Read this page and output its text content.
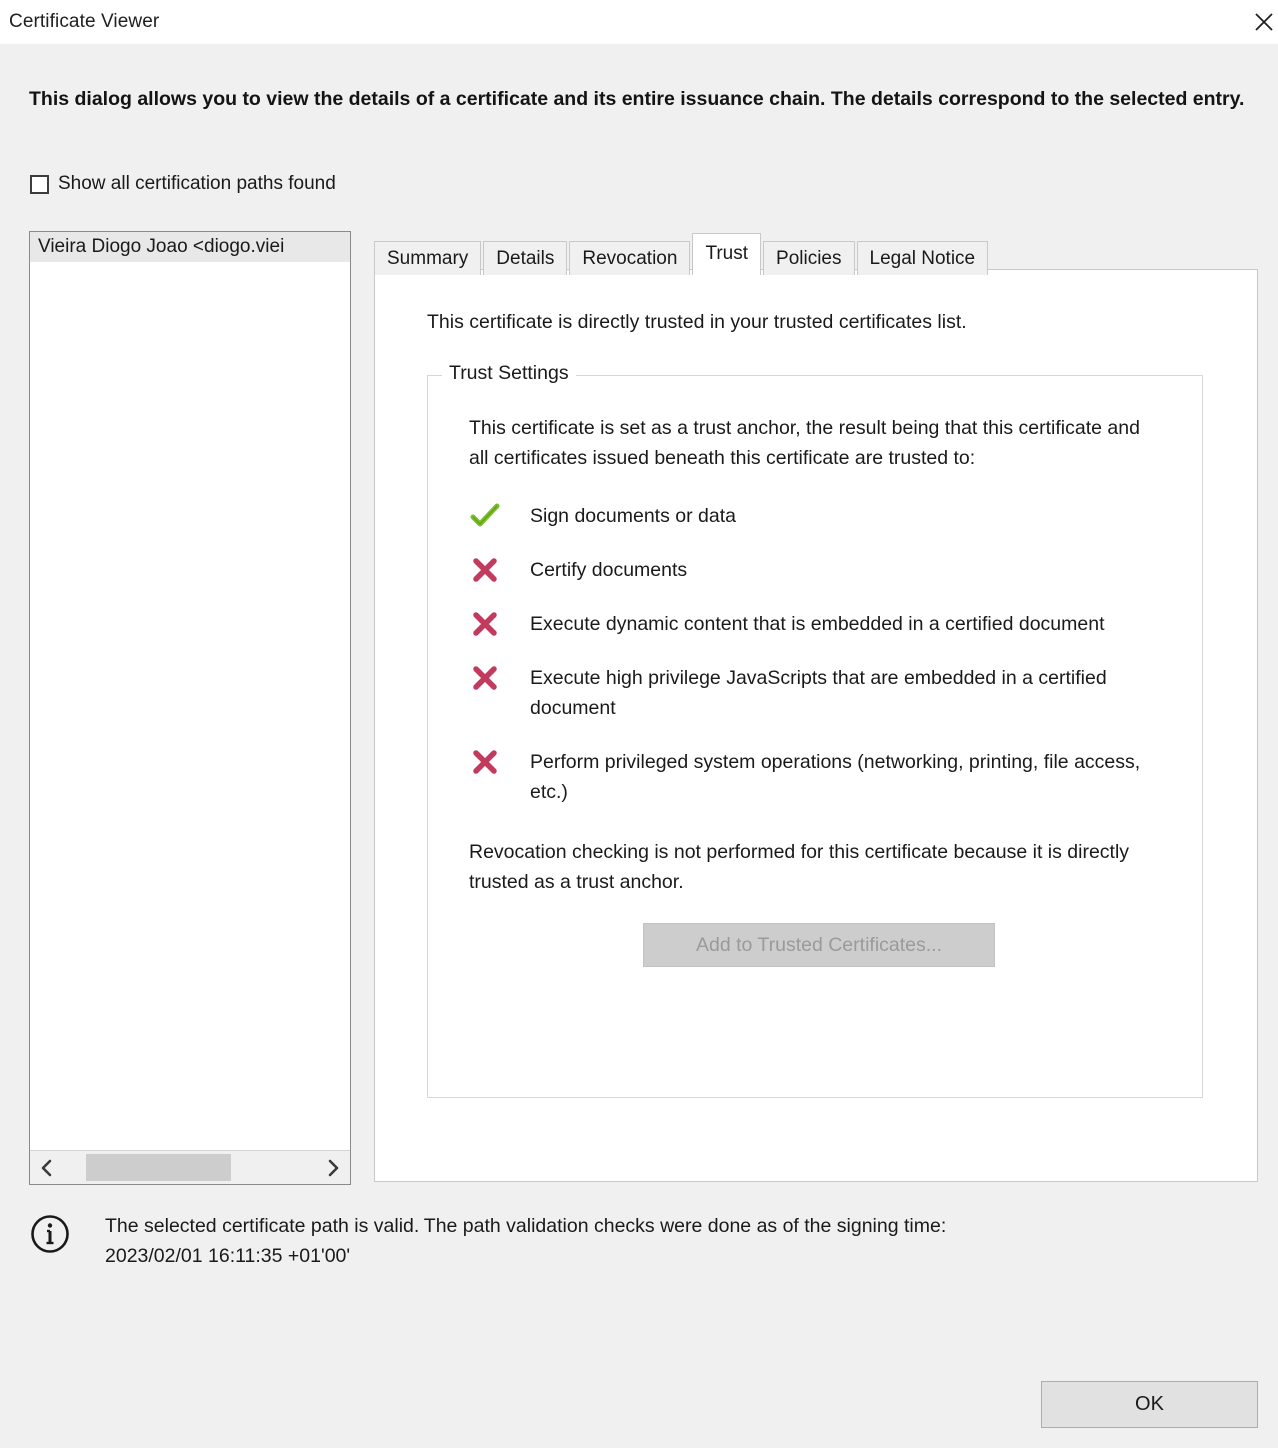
Certificate Viewer
This dialog allows you to view the details of a certificate and its entire issuance chain. The details correspond to the selected entry.
Show all certification paths found
Vieira Diogo Joao <diogo.viei
Summary	Details	Revocation	Trust	Policies	Legal Notice
This certificate is directly trusted in your trusted certificates list.
Trust Settings
This certificate is set as a trust anchor, the result being that this certificate and all certificates issued beneath this certificate are trusted to:
Sign documents or data
Certify documents
Execute dynamic content that is embedded in a certified document
Execute high privilege JavaScripts that are embedded in a certified document
Perform privileged system operations (networking, printing, file access, etc.)
Revocation checking is not performed for this certificate because it is directly trusted as a trust anchor.
Add to Trusted Certificates...
The selected certificate path is valid. The path validation checks were done as of the signing time:
2023/02/01 16:11:35 +01'00'
OK
